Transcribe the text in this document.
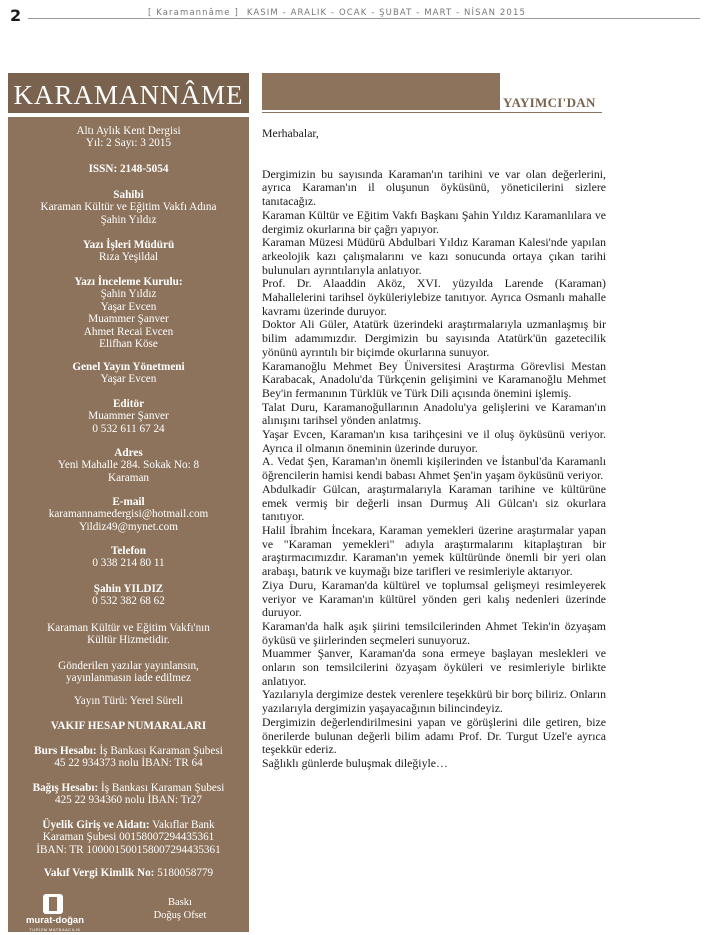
2	[ Karamannâme ] KASIM - ARALIK - OCAK - ŞUBAT - MART - NİSAN 2015
KARAMANNÂME
Altı Aylık Kent Dergisi
Yıl: 2 Sayı: 3 2015
ISSN: 2148-5054
Sahibi
Karaman Kültür ve Eğitim Vakfı Adına
Şahin Yıldız
Yazı İşleri Müdürü
Rıza Yeşildal
Yazı İnceleme Kurulu:
Şahin Yıldız
Yaşar Evcen
Muammer Şanver
Ahmet Recai Evcen
Elifhan Köse
Genel Yayın Yönetmeni
Yaşar Evcen
Editör
Muammer Şanver
0 532 611 67 24
Adres
Yeni Mahalle 284. Sokak No: 8
Karaman
E-mail
karamannamedergisi@hotmail.com
Yildiz49@mynet.com
Telefon
0 338 214 80 11
Şahin YILDIZ
0 532 382 68 62
Karaman Kültür ve Eğitim Vakfı'nın
Kültür Hizmetidir.
Gönderilen yazılar yayınlansın,
yayınlanmasın iade edilmez
Yayın Türü: Yerel Süreli
VAKIF HESAP NUMARALARI
Burs Hesabı: İş Bankası Karaman Şubesi
45 22 934373 nolu İBAN: TR 64
Bağış Hesabı: İş Bankası Karaman Şubesi
425 22 934360 nolu İBAN: Tr27
Üyelik Giriş ve Aidatı: Vakıflar Bank
Karaman Şubesi 00158007294435361
İBAN: TR 100001500158007294435361
Vakıf Vergi Kimlik No: 5180058779
murat-doğan
TURİZM MATBAACILIK
Baskı
Doğuş Ofset
YAYIMCI'DAN

Merhabalar,

Dergimizin bu sayısında Karaman'ın tarihini ve var olan değerlerini, ayrıca Karaman'ın il oluşunun öyküsünü, yöneticilerini sizlere tanıtacağız.

Karaman Kültür ve Eğitim Vakfı Başkanı Şahin Yıldız Karamanlılara ve dergimiz okurlarına bir çağrı yapıyor.

Karaman Müzesi Müdürü Abdulbari Yıldız Karaman Kalesi'nde yapılan arkeolojik kazı çalışmalarını ve kazı sonucunda ortaya çıkan tarihi bulunuları ayrıntılarıyla anlatıyor.

Prof. Dr. Alaaddin Aköz, XVI. yüzyılda Larende (Karaman) Mahallelerini tarihsel öyküleriylebize tanıtıyor. Ayrıca Osmanlı mahalle kavramı üzerinde duruyor.

Doktor Ali Güler, Atatürk üzerindeki araştırmalarıyla uzmanlaşmış bir bilim adamımızdır. Dergimizin bu sayısında Atatürk'ün gazetecilik yönünü ayrıntılı bir biçimde okurlarına sunuyor.

Karamanoğlu Mehmet Bey Üniversitesi Araştırma Görevlisi Mestan Karabacak, Anadolu'da Türkçenin gelişimini ve Karamanoğlu Mehmet Bey'in fermanının Türklük ve Türk Dili açısında önemini işlemiş.

Talat Duru, Karamanoğullarının Anadolu'ya gelişlerini ve Karaman'ın alınışını tarihsel yönden anlatmış.

Yaşar Evcen, Karaman'ın kısa tarihçesini ve il oluş öyküsünü veriyor. Ayrıca il olmanın öneminin üzerinde duruyor.

A. Vedat Şen, Karaman'ın önemli kişilerinden ve İstanbul'da Karamanlı öğrencilerin hamisi kendi babası Ahmet Şen'in yaşam öyküsünü veriyor.

Abdulkadir Gülcan, araştırmalarıyla Karaman tarihine ve kültürüne emek vermiş bir değerli insan Durmuş Ali Gülcan'ı siz okurlara tanıtıyor.

Halil İbrahim İncekara, Karaman yemekleri üzerine araştırmalar yapan ve "Karaman yemekleri" adıyla araştırmalarını kitaplaştıran bir araştırmacımızdır. Karaman'ın yemek kültüründe önemli bir yeri olan arabaşı, batırık ve kuymağı bize tarifleri ve resimleriyle aktarıyor.

Ziya Duru, Karaman'da kültürel ve toplumsal gelişmeyi resimleyerek veriyor ve Karaman'ın kültürel yönden geri kalış nedenleri üzerinde duruyor.

Karaman'da halk aşık şiirini temsilcilerinden Ahmet Tekin'in özyaşam öyküsü ve şiirlerinden seçmeleri sunuyoruz.

Muammer Şanver, Karaman'da sona ermeye başlayan meslekleri ve onların son temsilcilerini özyaşam öyküleri ve resimleriyle birlikte anlatıyor.

Yazılarıyla dergimize destek verenlere teşekkürü bir borç biliriz. Onların yazılarıyla dergimizin yaşayacağının bilincindeyiz.

Dergimizin değerlendirilmesini yapan ve görüşlerini dile getiren, bize önerilerde bulunan değerli bilim adamı Prof. Dr. Turgut Uzel'e ayrıca teşekkür ederiz.

Sağlıklı günlerde buluşmak dileğiyle…
